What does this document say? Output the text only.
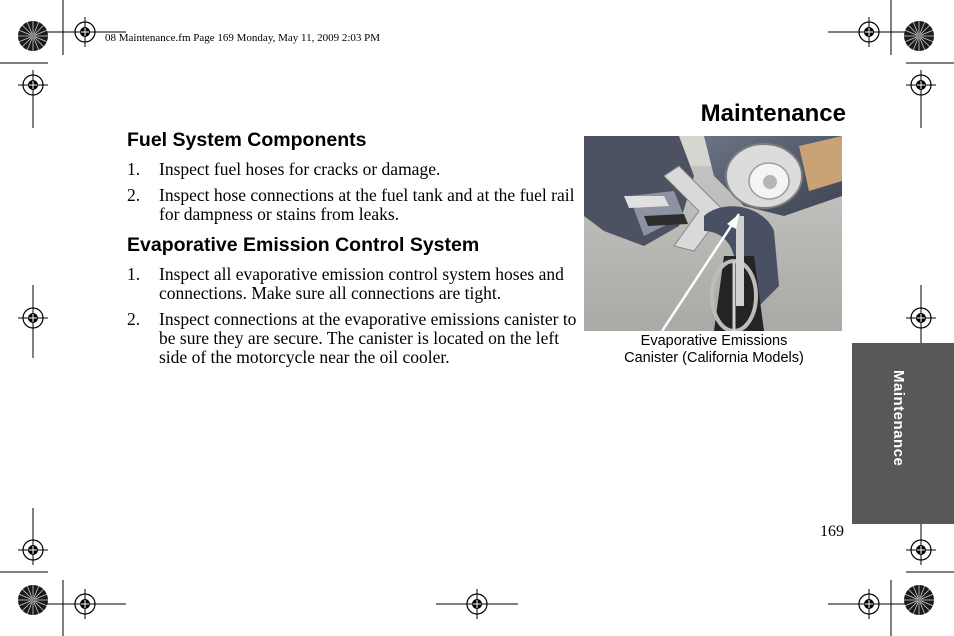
08 Maintenance.fm Page 169 Monday, May 11, 2009 2:03 PM
Maintenance
Fuel System Components
1.	Inspect fuel hoses for cracks or damage.
2.	Inspect hose connections at the fuel tank and at the fuel rail for dampness or stains from leaks.
Evaporative Emission Control System
1.	Inspect all evaporative emission control system hoses and connections. Make sure all connections are tight.
2.	Inspect connections at the evaporative emissions canister to be sure they are secure. The canister is located on the left side of the motorcycle near the oil cooler.
Evaporative Emissions
Canister (California Models)
Maintenance
169
